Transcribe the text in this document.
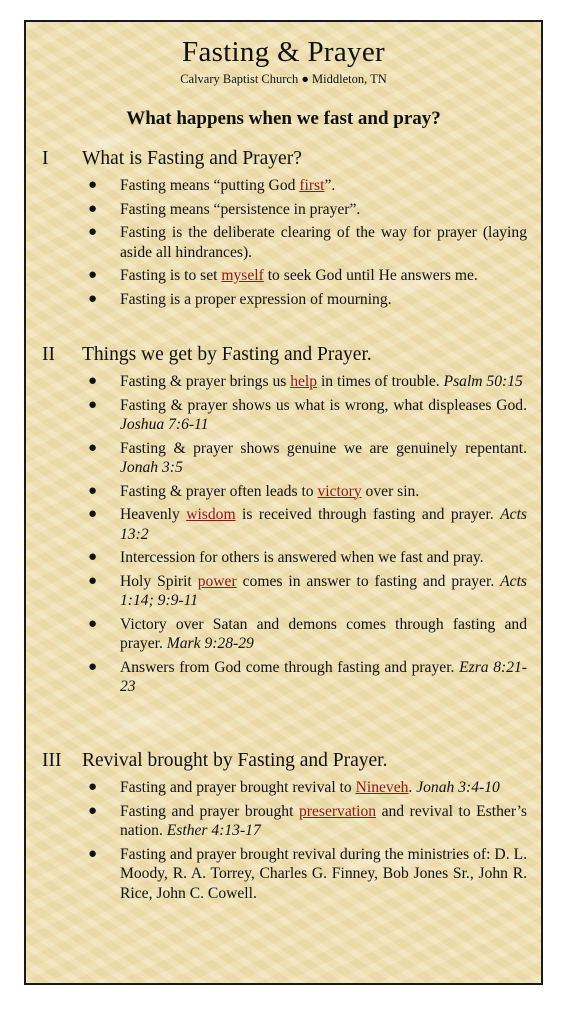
Fasting & Prayer
Calvary Baptist Church ● Middleton, TN
What happens when we fast and pray?
I What is Fasting and Prayer?
● Fasting means “putting God first”.
● Fasting means “persistence in prayer”.
● Fasting is the deliberate clearing of the way for prayer (laying aside all hindrances).
● Fasting is to set myself to seek God until He answers me.
● Fasting is a proper expression of mourning.
II Things we get by Fasting and Prayer.
● Fasting & prayer brings us help in times of trouble. Psalm 50:15
● Fasting & prayer shows us what is wrong, what displeases God. Joshua 7:6-11
● Fasting & prayer shows genuine we are genuinely repentant. Jonah 3:5
● Fasting & prayer often leads to victory over sin.
● Heavenly wisdom is received through fasting and prayer. Acts 13:2
● Intercession for others is answered when we fast and pray.
● Holy Spirit power comes in answer to fasting and prayer. Acts 1:14; 9:9-11
● Victory over Satan and demons comes through fasting and prayer. Mark 9:28-29
● Answers from God come through fasting and prayer. Ezra 8:21-23
III Revival brought by Fasting and Prayer.
● Fasting and prayer brought revival to Nineveh. Jonah 3:4-10
● Fasting and prayer brought preservation and revival to Esther’s nation. Esther 4:13-17
● Fasting and prayer brought revival during the ministries of: D. L. Moody, R. A. Torrey, Charles G. Finney, Bob Jones Sr., John R. Rice, John C. Cowell.
